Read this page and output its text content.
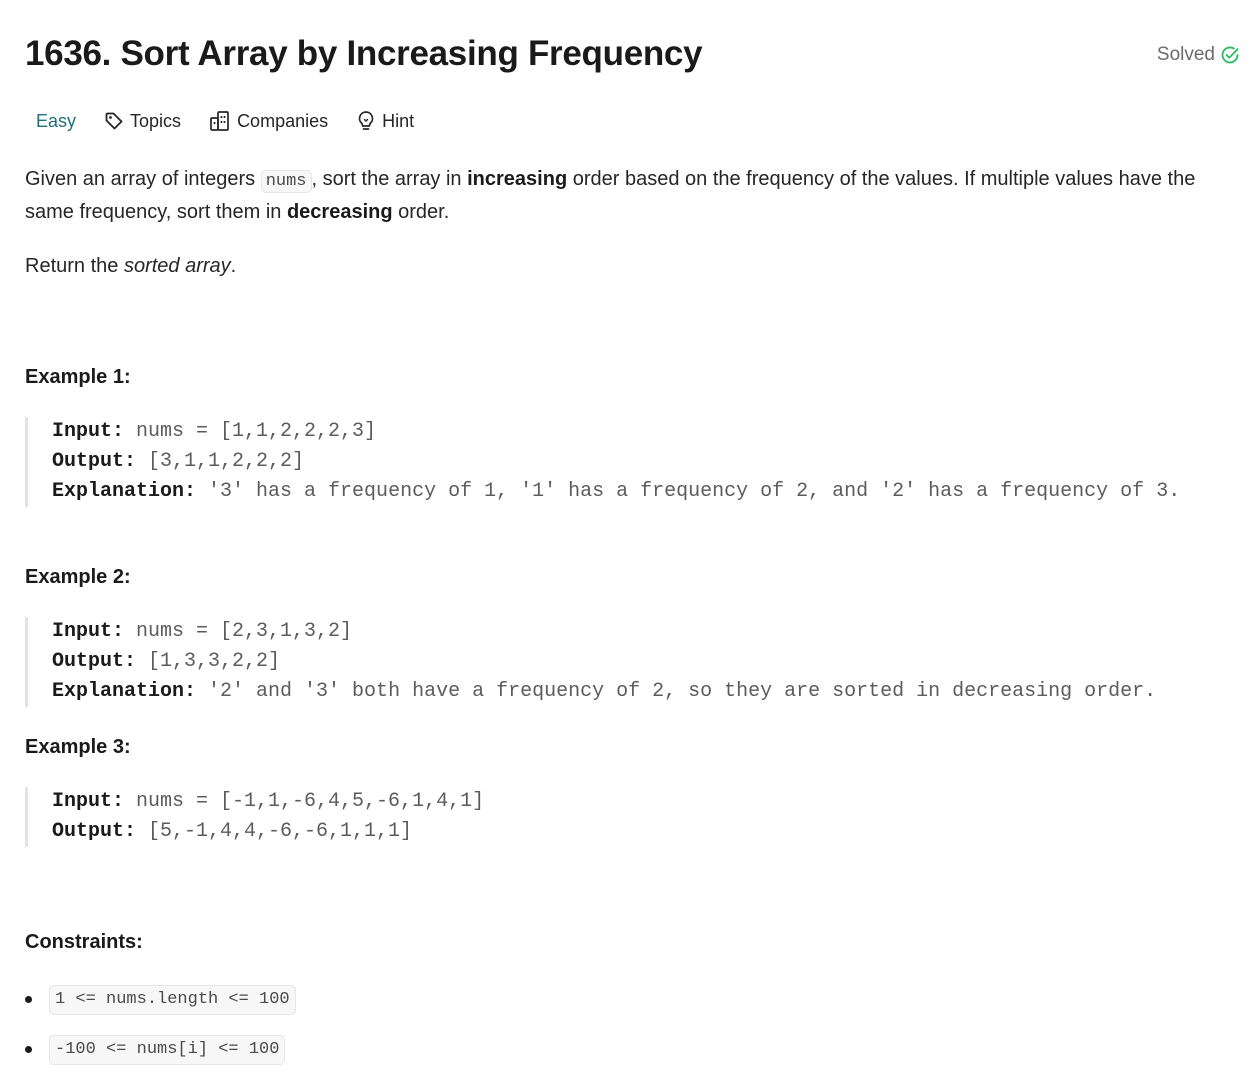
1636. Sort Array by Increasing Frequency	Solved
Easy	Topics	Companies	Hint
Given an array of integers nums , sort the array in increasing order based on the frequency of the values. If multiple values have the same frequency, sort them in decreasing order.
Return the sorted array.
Example 1:
Input: nums = [1,1,2,2,2,3]
Output: [3,1,1,2,2,2]
Explanation: '3' has a frequency of 1, '1' has a frequency of 2, and '2' has a frequency of 3.
Example 2:
Input: nums = [2,3,1,3,2]
Output: [1,3,3,2,2]
Explanation: '2' and '3' both have a frequency of 2, so they are sorted in decreasing order.
Example 3:
Input: nums = [-1,1,-6,4,5,-6,1,4,1]
Output: [5,-1,4,4,-6,-6,1,1,1]
Constraints:
1 <= nums.length <= 100
-100 <= nums[i] <= 100
